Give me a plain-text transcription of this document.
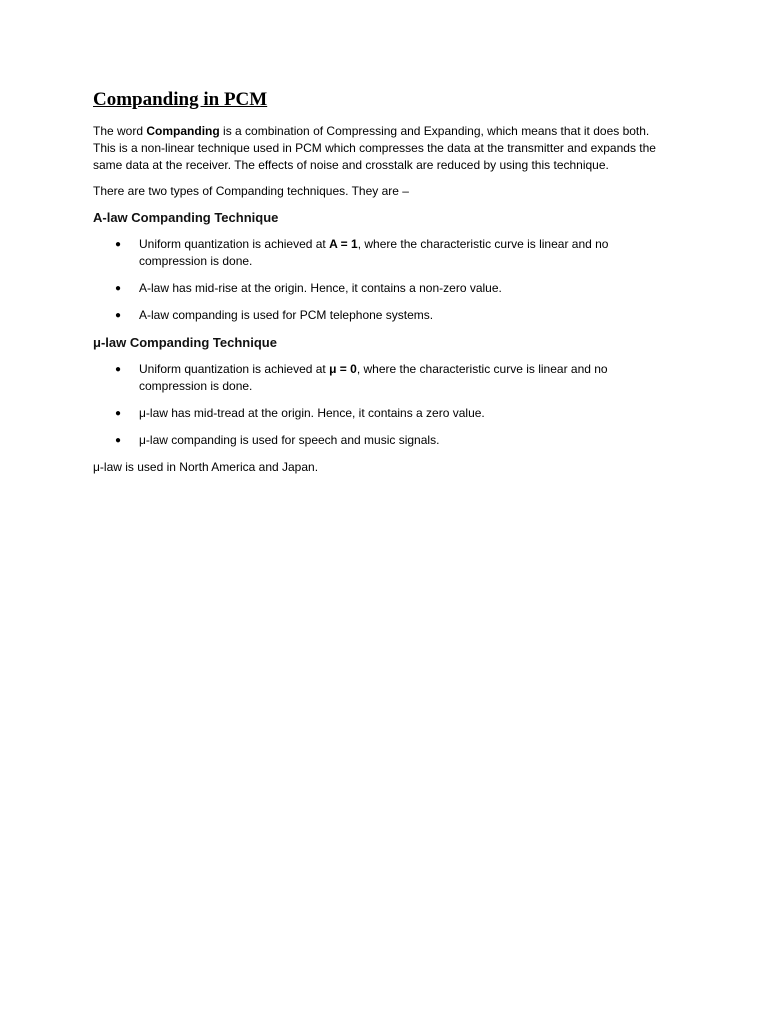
Companding in PCM

The word Companding is a combination of Compressing and Expanding, which means that it does both. This is a non-linear technique used in PCM which compresses the data at the transmitter and expands the same data at the receiver. The effects of noise and crosstalk are reduced by using this technique.

There are two types of Companding techniques. They are –

A-law Companding Technique
● Uniform quantization is achieved at A = 1, where the characteristic curve is linear and no compression is done.
● A-law has mid-rise at the origin. Hence, it contains a non-zero value.
● A-law companding is used for PCM telephone systems.
μ-law Companding Technique
● Uniform quantization is achieved at μ = 0, where the characteristic curve is linear and no compression is done.
● μ-law has mid-tread at the origin. Hence, it contains a zero value.
● μ-law companding is used for speech and music signals.

μ-law is used in North America and Japan.
